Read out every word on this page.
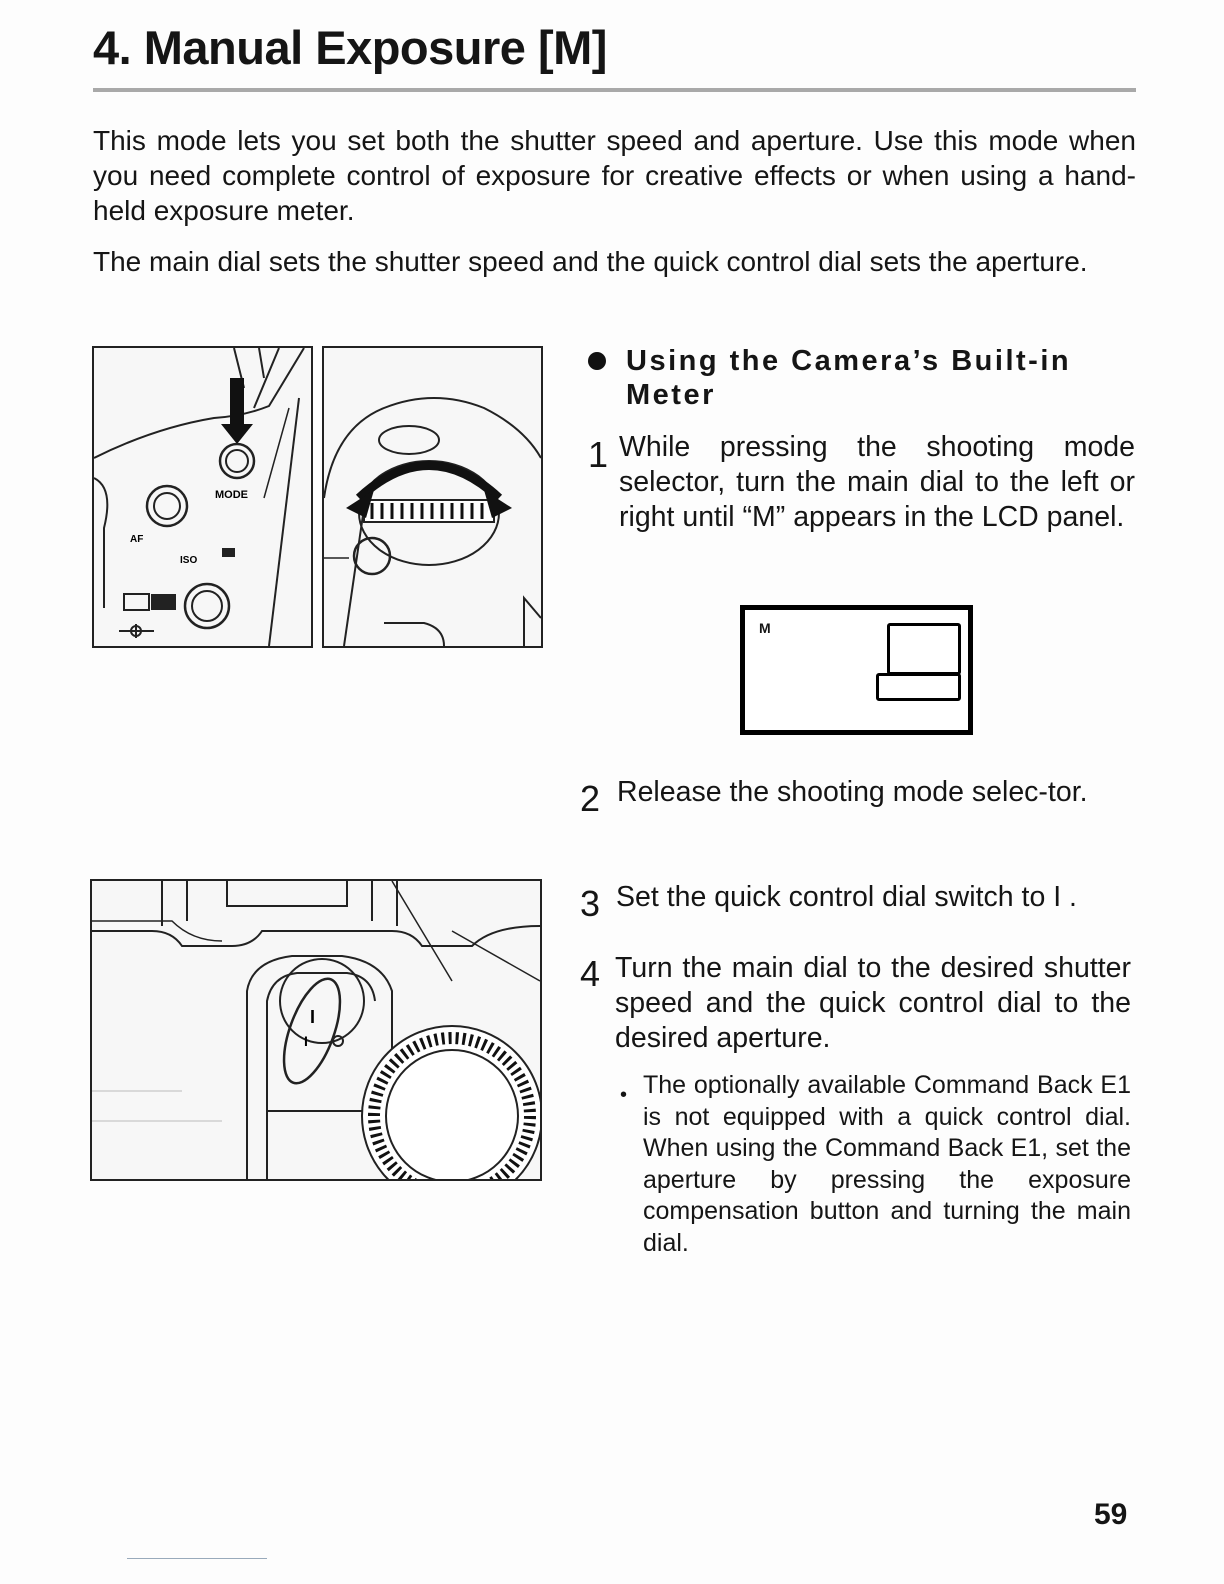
4. Manual Exposure [M]

This mode lets you set both the shutter speed and aperture. Use this mode when you need complete control of exposure for creative effects or when using a hand-held exposure meter.

The main dial sets the shutter speed and the quick control dial sets the aperture.

MODE
AF
ISO
I
I
Using the Camera’s Built-in Meter
1 While pressing the shooting mode selector, turn the main dial to the left or right until “M” appears in the LCD panel.
M
2 Release the shooting mode selec-tor.
3 Set the quick control dial switch to I .
4 Turn the main dial to the desired shutter speed and the quick control dial to the desired aperture.
• The optionally available Command Back E1 is not equipped with a quick control dial. When using the Command Back E1, set the aperture by pressing the exposure compensation button and turning the main dial.
59
